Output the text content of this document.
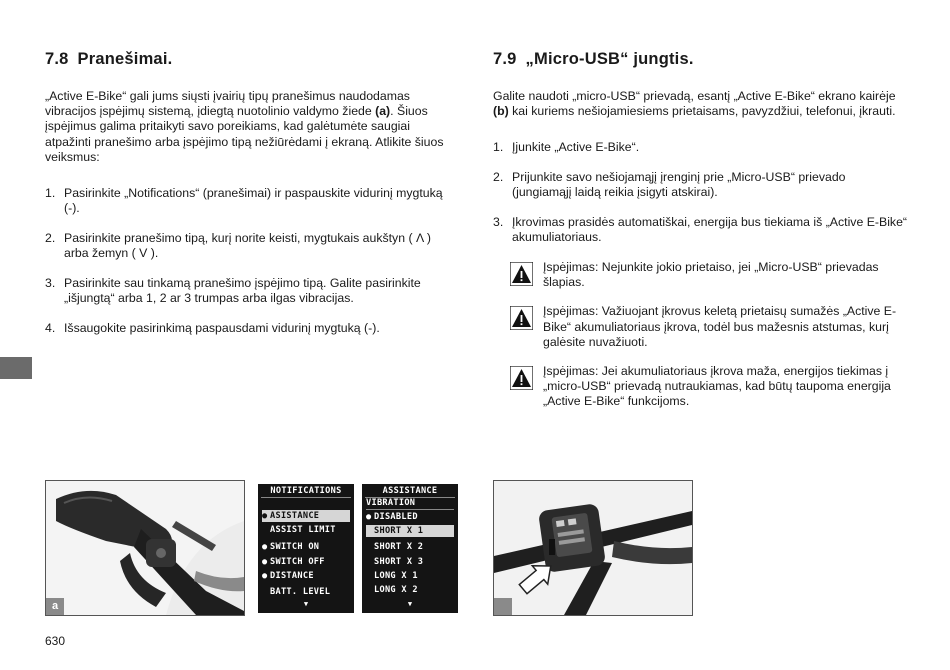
7.8 Pranešimai.

„Active E-Bike“ gali jums siųsti įvairių tipų pranešimus naudodamas vibracijos įspėjimų sistemą, įdiegtą nuotolinio valdymo žiede (a). Šiuos įspėjimus galima pritaikyti savo poreikiams, kad galėtumėte saugiai atpažinti pranešimo arba įspėjimo tipą nežiūrėdami į ekraną. Atlikite šiuos veiksmus:

1. Pasirinkite „Notifications“ (pranešimai) ir paspauskite vidurinį mygtuką (-).
2. Pasirinkite pranešimo tipą, kurį norite keisti, mygtukais aukštyn ( Λ ) arba žemyn ( V ).
3. Pasirinkite sau tinkamą pranešimo įspėjimo tipą. Galite pasirinkite „išjungtą“ arba 1, 2 ar 3 trumpas arba ilgas vibracijas.
4. Išsaugokite pasirinkimą paspausdami vidurinį mygtuką (-).
7.9 „Micro-USB“ jungtis.

Galite naudoti „micro-USB“ prievadą, esantį „Active E-Bike“ ekrano kairėje (b) kai kuriems nešiojamiesiems prietaisams, pavyzdžiui, telefonui, įkrauti.

1. Įjunkite „Active E-Bike“.
2. Prijunkite savo nešiojamąjį įrenginį prie „Micro-USB“ prievado (jungiamąjį laidą reikia įsigyti atskirai).
3. Įkrovimas prasidės automatiškai, energija bus tiekiama iš „Active E-Bike“ akumuliatoriaus.
Įspėjimas: Nejunkite jokio prietaiso, jei „Micro-USB“ prievadas šlapias.
Įspėjimas: Važiuojant įkrovus keletą prietaisų sumažės „Active E-Bike“ akumuliatoriaus įkrova, todėl bus mažesnis atstumas, kurį galėsite nuvažiuoti.
Įspėjimas: Jei akumuliatoriaus įkrova maža, energijos tiekimas į „micro-USB“ prievadą nutraukiamas, kad būtų taupoma energija „Active E-Bike“ funkcijoms.
a
NOTIFICATIONS
● ASISTANCE
ASSIST LIMIT
● SWITCH ON
● SWITCH OFF
● DISTANCE
BATT. LEVEL
▼
ASSISTANCE
VIBRATION
● DISABLED
SHORT X 1
SHORT X 2
SHORT X 3
LONG X 1
LONG X 2
▼
630
